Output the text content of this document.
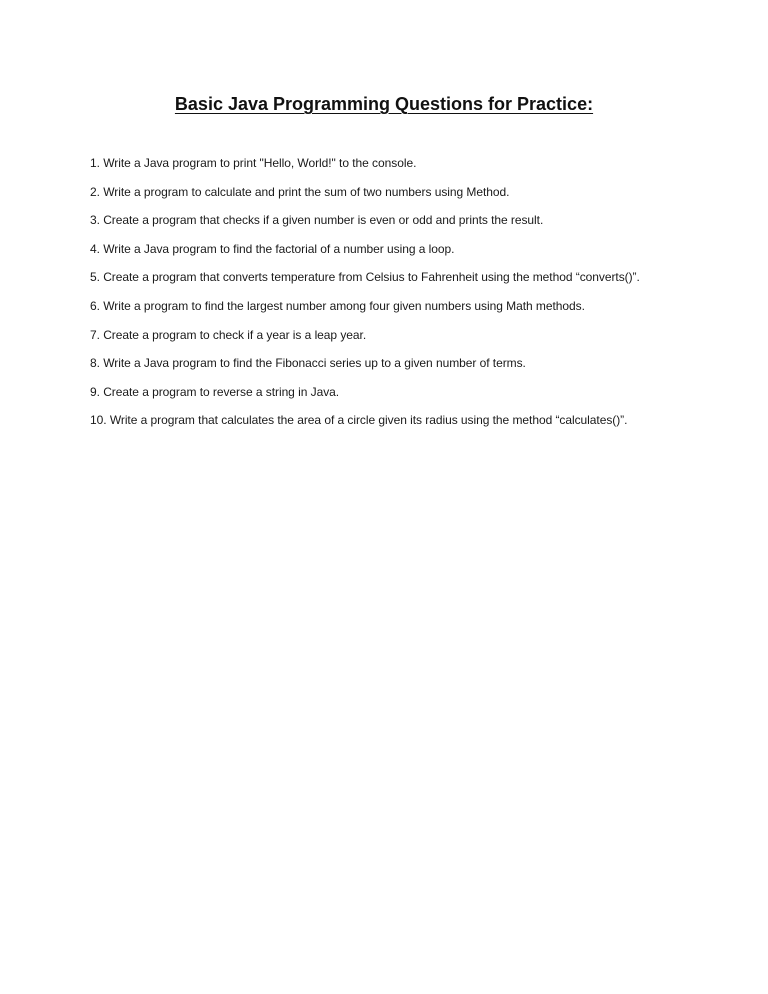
Basic Java Programming Questions for Practice:
1. Write a Java program to print "Hello, World!" to the console.
2. Write a program to calculate and print the sum of two numbers using Method.
3. Create a program that checks if a given number is even or odd and prints the result.
4. Write a Java program to find the factorial of a number using a loop.
5. Create a program that converts temperature from Celsius to Fahrenheit using the method “converts()”.
6. Write a program to find the largest number among four given numbers using Math methods.
7. Create a program to check if a year is a leap year.
8. Write a Java program to find the Fibonacci series up to a given number of terms.
9. Create a program to reverse a string in Java.
10. Write a program that calculates the area of a circle given its radius using the method “calculates()”.
